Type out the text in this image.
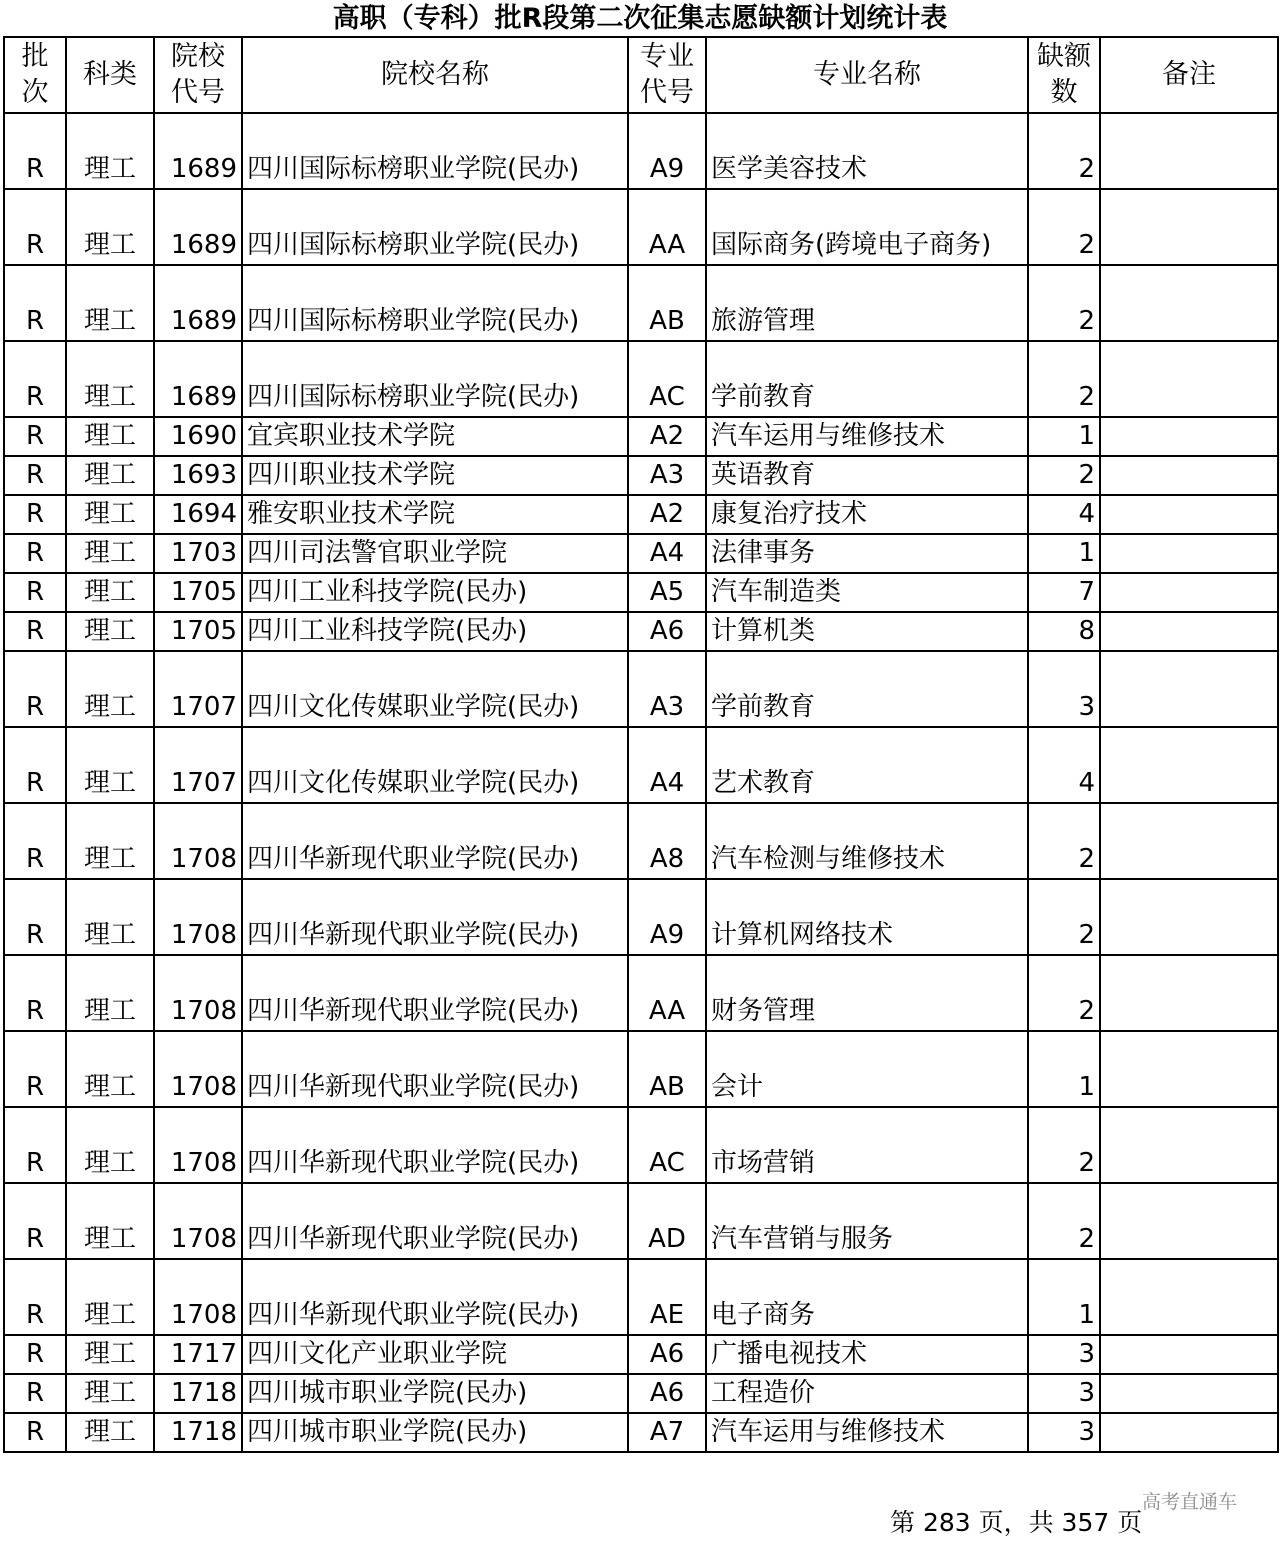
高职（专科）批R段第二次征集志愿缺额计划统计表
批次	科类	院校代号	院校名称	专业代号	专业名称	缺额数	备注
R	理工	1689	四川国际标榜职业学院(民办)	A9	医学美容技术	2	
R	理工	1689	四川国际标榜职业学院(民办)	AA	国际商务(跨境电子商务)	2	
R	理工	1689	四川国际标榜职业学院(民办)	AB	旅游管理	2	
R	理工	1689	四川国际标榜职业学院(民办)	AC	学前教育	2	
R	理工	1690	宜宾职业技术学院	A2	汽车运用与维修技术	1	
R	理工	1693	四川职业技术学院	A3	英语教育	2	
R	理工	1694	雅安职业技术学院	A2	康复治疗技术	4	
R	理工	1703	四川司法警官职业学院	A4	法律事务	1	
R	理工	1705	四川工业科技学院(民办)	A5	汽车制造类	7	
R	理工	1705	四川工业科技学院(民办)	A6	计算机类	8	
R	理工	1707	四川文化传媒职业学院(民办)	A3	学前教育	3	
R	理工	1707	四川文化传媒职业学院(民办)	A4	艺术教育	4	
R	理工	1708	四川华新现代职业学院(民办)	A8	汽车检测与维修技术	2	
R	理工	1708	四川华新现代职业学院(民办)	A9	计算机网络技术	2	
R	理工	1708	四川华新现代职业学院(民办)	AA	财务管理	2	
R	理工	1708	四川华新现代职业学院(民办)	AB	会计	1	
R	理工	1708	四川华新现代职业学院(民办)	AC	市场营销	2	
R	理工	1708	四川华新现代职业学院(民办)	AD	汽车营销与服务	2	
R	理工	1708	四川华新现代职业学院(民办)	AE	电子商务	1	
R	理工	1717	四川文化产业职业学院	A6	广播电视技术	3	
R	理工	1718	四川城市职业学院(民办)	A6	工程造价	3	
R	理工	1718	四川城市职业学院(民办)	A7	汽车运用与维修技术	3	
高考直通车
第 283 页，共 357 页
